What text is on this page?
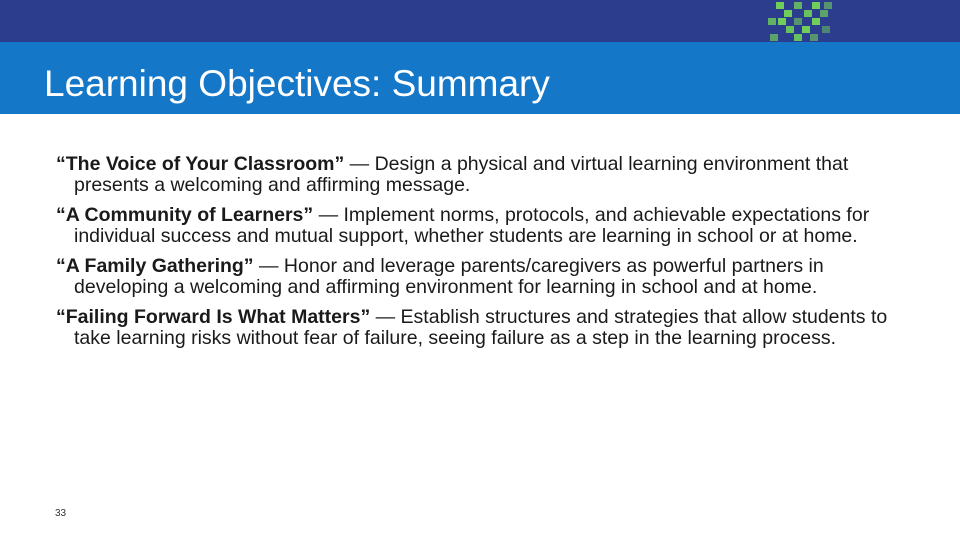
Learning Objectives: Summary

“The Voice of Your Classroom” — Design a physical and virtual learning environment that presents a welcoming and affirming message.

“A Community of Learners” — Implement norms, protocols, and achievable expectations for individual success and mutual support, whether students are learning in school or at home.

“A Family Gathering” — Honor and leverage parents/caregivers as powerful partners in developing a welcoming and affirming environment for learning in school and at home.

“Failing Forward Is What Matters” — Establish structures and strategies that allow students to take learning risks without fear of failure, seeing failure as a step in the learning process.

33
